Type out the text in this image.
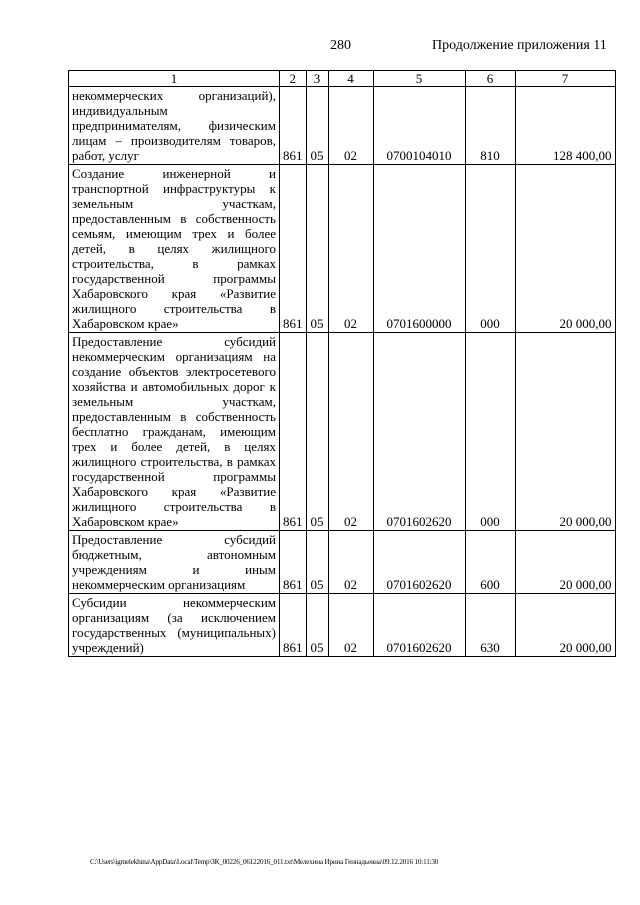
280	Продолжение приложения 11
1	2	3	4	5	6	7
некоммерческих организаций), индивидуальным предпринимателям, физическим лицам – производителям товаров, работ, услуг	861	05	02	0700104010	810	128 400,00
Создание инженерной и транспортной инфраструктуры к земельным участкам, предоставленным в собственность семьям, имеющим трех и более детей, в целях жилищного строительства, в рамках государственной программы Хабаровского края «Развитие жилищного строительства в Хабаровском крае»	861	05	02	0701600000	000	20 000,00
Предоставление субсидий некоммерческим организациям на создание объектов электросетевого хозяйства и автомобильных дорог к земельным участкам, предоставленным в собственность бесплатно гражданам, имеющим трех и более детей, в целях жилищного строительства, в рамках государственной программы Хабаровского края «Развитие жилищного строительства в Хабаровском крае»	861	05	02	0701602620	000	20 000,00
Предоставление субсидий бюджетным, автономным учреждениям и иным некоммерческим организациям	861	05	02	0701602620	600	20 000,00
Субсидии некоммерческим организациям (за исключением государственных (муниципальных) учреждений)	861	05	02	0701602620	630	20 000,00
C:\Users\igmelekhina\AppData\Local\Temp\ЗК_00226_06122016_011.txt\Мелехина Ирина Геннадьевна\09.12.2016 10:11:30
